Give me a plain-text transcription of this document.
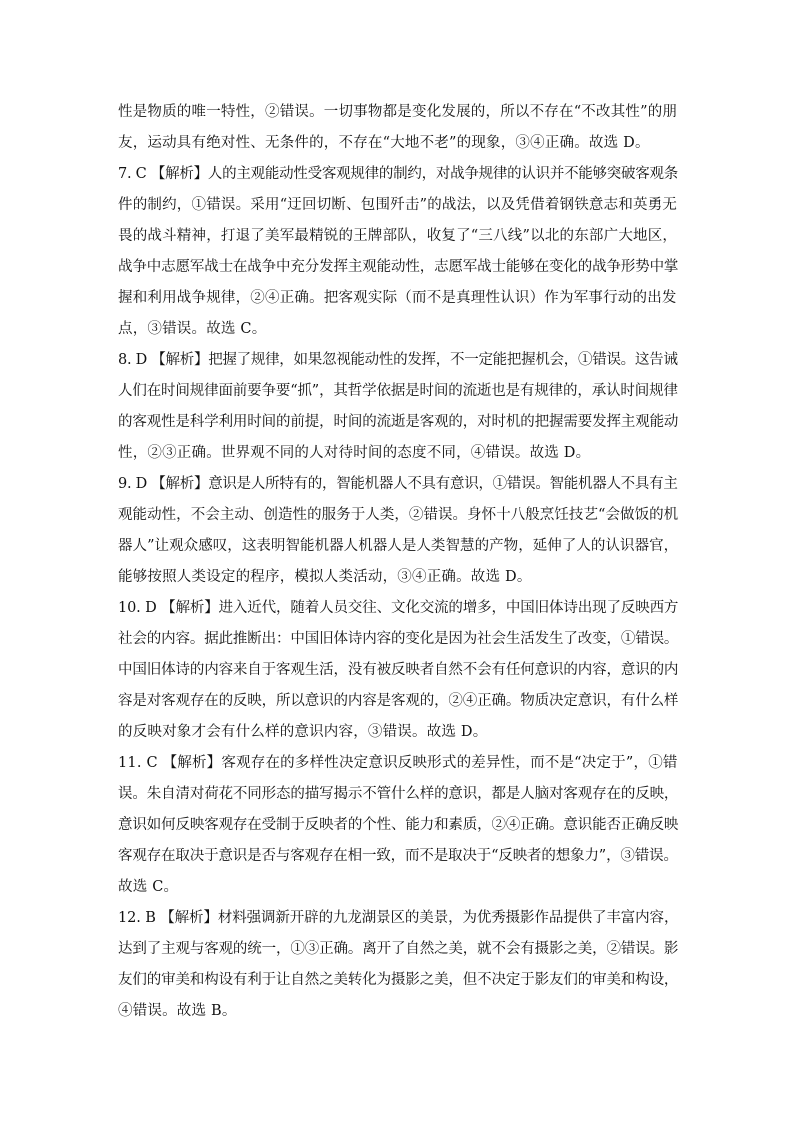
性是物质的唯一特性，②错误。一切事物都是变化发展的，所以不存在“不改其性”的朋
友，运动具有绝对性、无条件的，不存在“大地不老”的现象，③④正确。故选 D。
7. C 【解析】人的主观能动性受客观规律的制约，对战争规律的认识并不能够突破客观条
件的制约，①错误。采用“迂回切断、包围歼击”的战法，以及凭借着钢铁意志和英勇无
畏的战斗精神，打退了美军最精锐的王牌部队，收复了“三八线”以北的东部广大地区，
战争中志愿军战士在战争中充分发挥主观能动性，志愿军战士能够在变化的战争形势中掌
握和利用战争规律，②④正确。把客观实际（而不是真理性认识）作为军事行动的出发
点，③错误。故选 C。
8. D 【解析】把握了规律，如果忽视能动性的发挥，不一定能把握机会，①错误。这告诫
人们在时间规律面前要争要“抓”，其哲学依据是时间的流逝也是有规律的，承认时间规律
的客观性是科学利用时间的前提，时间的流逝是客观的，对时机的把握需要发挥主观能动
性，②③正确。世界观不同的人对待时间的态度不同，④错误。故选 D。
9. D 【解析】意识是人所特有的，智能机器人不具有意识，①错误。智能机器人不具有主
观能动性，不会主动、创造性的服务于人类，②错误。身怀十八般烹饪技艺“会做饭的机
器人”让观众感叹，这表明智能机器人机器人是人类智慧的产物，延伸了人的认识器官，
能够按照人类设定的程序，模拟人类活动，③④正确。故选 D。
10. D 【解析】进入近代，随着人员交往、文化交流的增多，中国旧体诗出现了反映西方
社会的内容。据此推断出：中国旧体诗内容的变化是因为社会生活发生了改变，①错误。
中国旧体诗的内容来自于客观生活，没有被反映者自然不会有任何意识的内容，意识的内
容是对客观存在的反映，所以意识的内容是客观的，②④正确。物质决定意识，有什么样
的反映对象才会有什么样的意识内容，③错误。故选 D。
11. C 【解析】客观存在的多样性决定意识反映形式的差异性，而不是“决定于”，①错
误。朱自清对荷花不同形态的描写揭示不管什么样的意识，都是人脑对客观存在的反映，
意识如何反映客观存在受制于反映者的个性、能力和素质，②④正确。意识能否正确反映
客观存在取决于意识是否与客观存在相一致，而不是取决于“反映者的想象力”，③错误。
故选 C。
12. B 【解析】材料强调新开辟的九龙湖景区的美景，为优秀摄影作品提供了丰富内容，
达到了主观与客观的统一，①③正确。离开了自然之美，就不会有摄影之美，②错误。影
友们的审美和构设有利于让自然之美转化为摄影之美，但不决定于影友们的审美和构设，
④错误。故选 B。
